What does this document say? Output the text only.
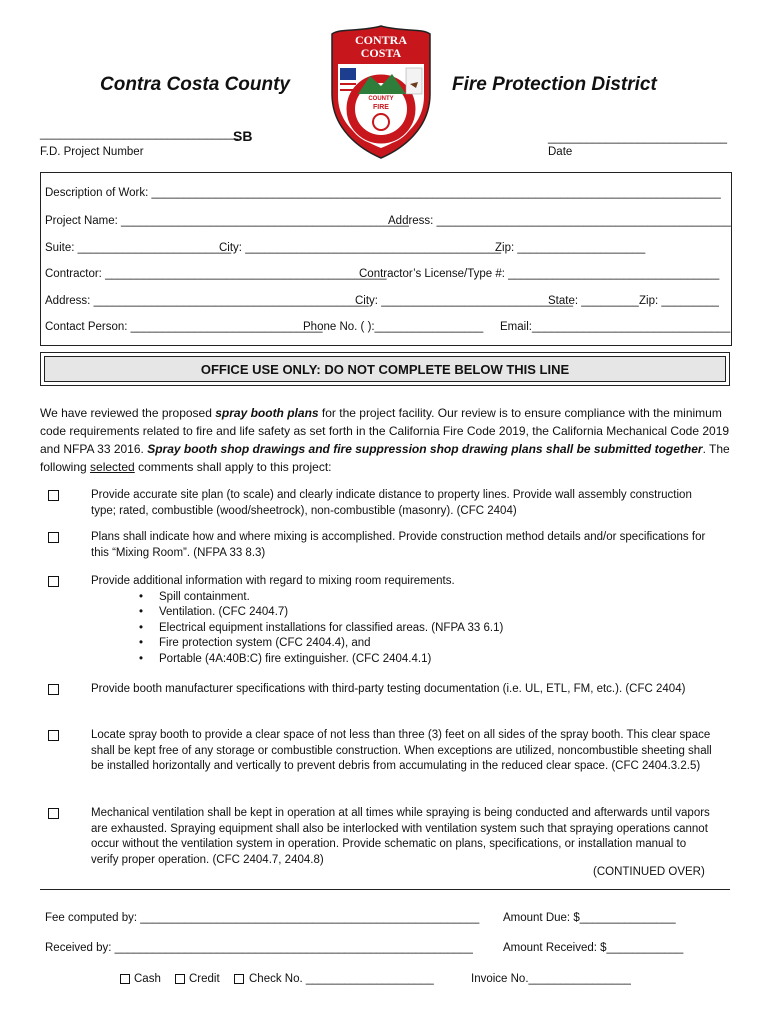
Contra Costa County	Fire Protection District
CONTRA
COSTA
COUNTY
FIRE
_______________________________
SB
F.D. Project Number
____________________________
Date
Description of Work: _________________________________________________________________________________________
Project Name: _____________________________________________
Address: ______________________________________________
Suite: ________________________
City: ________________________________________
Zip: ____________________
Contractor: ____________________________________________
Contractor’s License/Type #: _________________________________
Address: ___________________________________________
City: ______________________________
State: _________ Zip: _________
Contact Person: ______________________________
Phone No. ( ):_________________ Email:_______________________________
OFFICE USE ONLY: DO NOT COMPLETE BELOW THIS LINE
We have reviewed the proposed spray booth plans for the project facility. Our review is to ensure compliance with the minimum code requirements related to fire and life safety as set forth in the California Fire Code 2019, the California Mechanical Code 2019 and NFPA 33 2016. Spray booth shop drawings and fire suppression shop drawing plans shall be submitted together. The following selected comments shall apply to this project:
Provide accurate site plan (to scale) and clearly indicate distance to property lines. Provide wall assembly construction type; rated, combustible (wood/sheetrock), non-combustible (masonry). (CFC 2404)
Plans shall indicate how and where mixing is accomplished. Provide construction method details and/or specifications for this “Mixing Room”. (NFPA 33 8.3)
Provide additional information with regard to mixing room requirements.
• Spill containment.
• Ventilation. (CFC 2404.7)
• Electrical equipment installations for classified areas. (NFPA 33 6.1)
• Fire protection system (CFC 2404.4), and
• Portable (4A:40B:C) fire extinguisher. (CFC 2404.4.1)
Provide booth manufacturer specifications with third-party testing documentation (i.e. UL, ETL, FM, etc.). (CFC 2404)
Locate spray booth to provide a clear space of not less than three (3) feet on all sides of the spray booth. This clear space shall be kept free of any storage or combustible construction. When exceptions are utilized, noncombustible sheeting shall be installed horizontally and vertically to prevent debris from accumulating in the reduced clear space. (CFC 2404.3.2.5)
Mechanical ventilation shall be kept in operation at all times while spraying is being conducted and afterwards until vapors are exhausted. Spraying equipment shall also be interlocked with ventilation system such that spraying operations cannot occur without the ventilation system in operation. Provide schematic on plans, specifications, or installation manual to verify proper operation. (CFC 2404.7, 2404.8)
(CONTINUED OVER)
Fee computed by: _____________________________________________________ Amount Due: $_______________
Received by: ________________________________________________________	Amount Received: $____________
Cash Credit	Check No. ____________________	Invoice No.________________
